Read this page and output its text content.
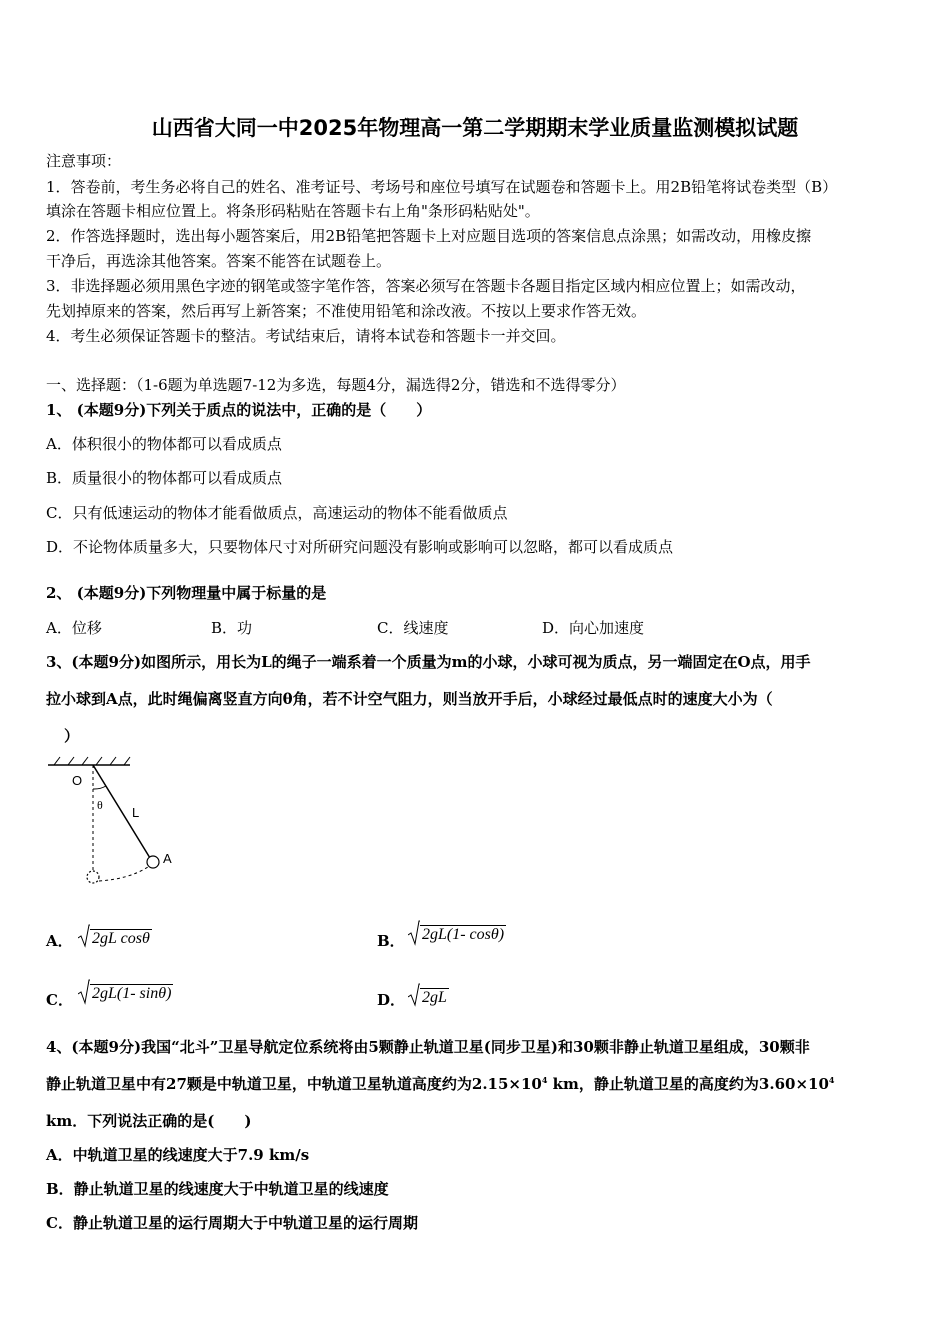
山西省大同一中2025年物理高一第二学期期末学业质量监测模拟试题
注意事项：
1．答卷前，考生务必将自己的姓名、准考证号、考场号和座位号填写在试题卷和答题卡上。用2B铅笔将试卷类型（B）
填涂在答题卡相应位置上。将条形码粘贴在答题卡右上角"条形码粘贴处"。
2．作答选择题时，选出每小题答案后，用2B铅笔把答题卡上对应题目选项的答案信息点涂黑；如需改动，用橡皮擦
干净后，再选涂其他答案。答案不能答在试题卷上。
3．非选择题必须用黑色字迹的钢笔或签字笔作答，答案必须写在答题卡各题目指定区域内相应位置上；如需改动，
先划掉原来的答案，然后再写上新答案；不准使用铅笔和涂改液。不按以上要求作答无效。
4．考生必须保证答题卡的整洁。考试结束后，请将本试卷和答题卡一并交回。
一、选择题：（1-6题为单选题7-12为多选，每题4分，漏选得2分，错选和不选得零分）
1、 (本题9分)下列关于质点的说法中，正确的是（　　）
A．体积很小的物体都可以看成质点
B．质量很小的物体都可以看成质点
C．只有低速运动的物体才能看做质点，高速运动的物体不能看做质点
D．不论物体质量多大，只要物体尺寸对所研究问题没有影响或影响可以忽略，都可以看成质点
2、 (本题9分)下列物理量中属于标量的是
A．位移	B．功	C．线速度	D．向心加速度
3、(本题9分)如图所示，用长为L的绳子一端系着一个质量为m的小球，小球可视为质点，另一端固定在O点，用手
拉小球到A点，此时绳偏离竖直方向θ角，若不计空气阻力，则当放开手后，小球经过最低点时的速度大小为（
）
O
θ L
A
A．	2gL cosθ	B．	2gL(1- cosθ)
C．	2gL(1- sinθ)	D．	2gL
4、(本题9分)我国“北斗”卫星导航定位系统将由5颗静止轨道卫星(同步卫星)和30颗非静止轨道卫星组成，30颗非
静止轨道卫星中有27颗是中轨道卫星，中轨道卫星轨道高度约为$2.15\times 10^4$ km，静止轨道卫星的高度约为$3.60\times 10^4$
km．下列说法正确的是(　　)
A．中轨道卫星的线速度大于7.9 km/s
B．静止轨道卫星的线速度大于中轨道卫星的线速度
C．静止轨道卫星的运行周期大于中轨道卫星的运行周期
